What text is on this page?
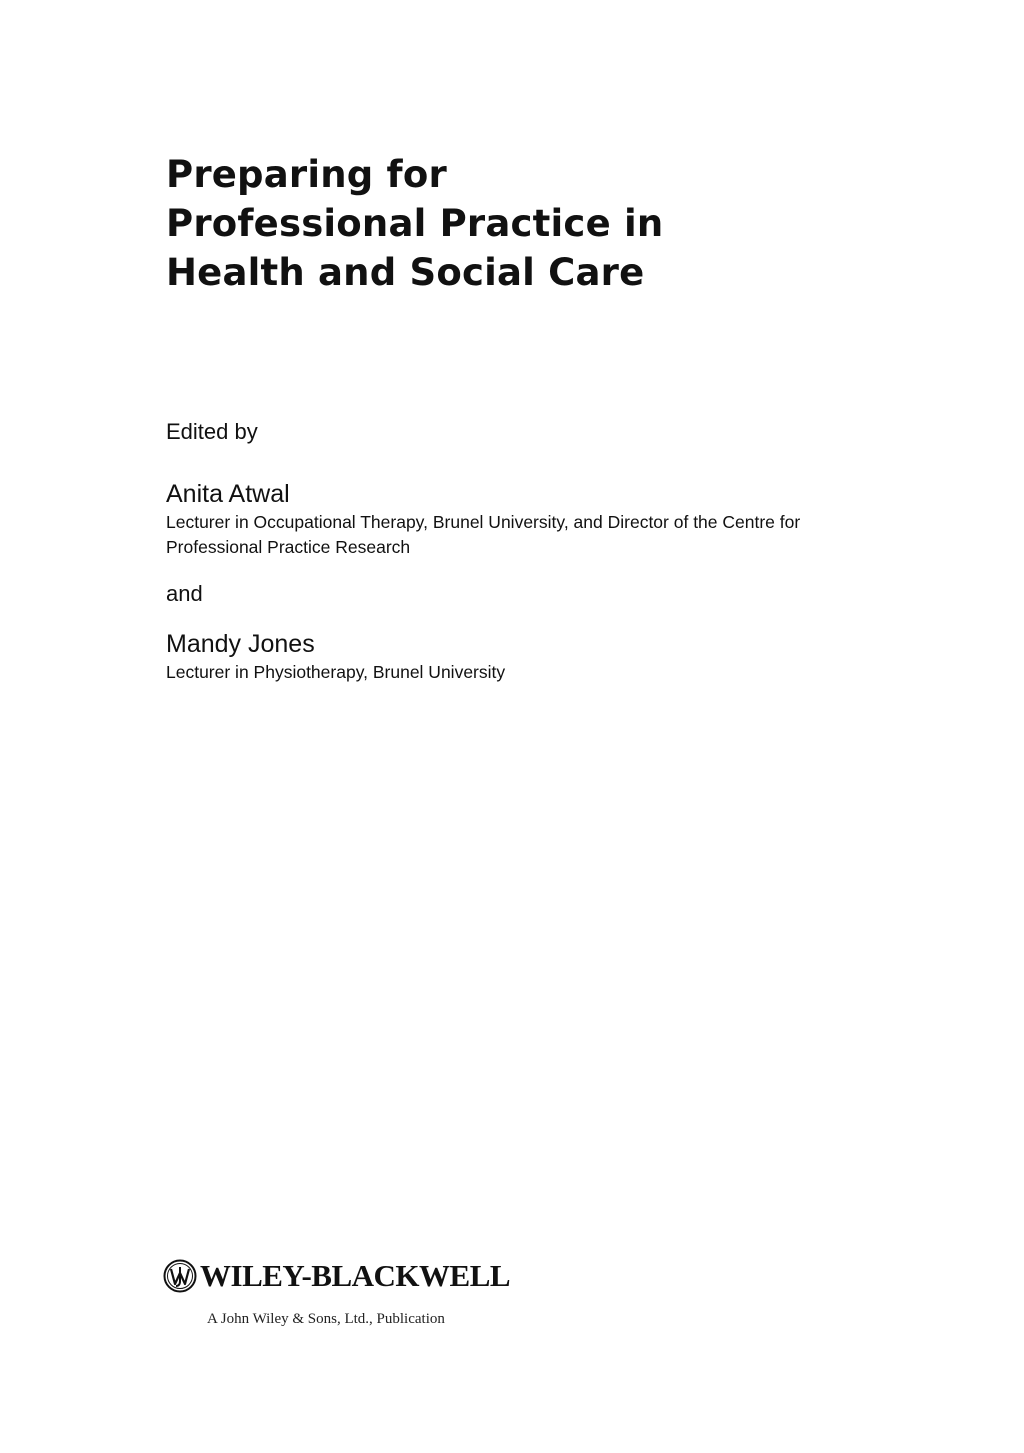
Preparing for
Professional Practice in
Health and Social Care
Edited by
Anita Atwal
Lecturer in Occupational Therapy, Brunel University, and Director of the Centre for
Professional Practice Research
and
Mandy Jones
Lecturer in Physiotherapy, Brunel University
WILEY-BLACKWELL
A John Wiley & Sons, Ltd., Publication
